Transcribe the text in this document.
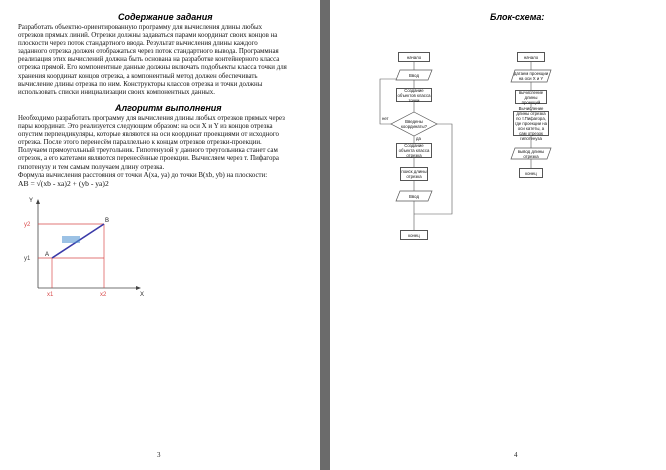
Содержание задания
Разработать объектно-ориентированную программу для вычисления длины любых
отрезков прямых линий. Отрезки должны задаваться парами координат своих концов на
плоскости через поток стандартного ввода. Результат вычисления длины каждого
заданного отрезка должен отображаться через поток стандартного вывода. Программная
реализация этих вычислений должна быть основана на разработке контейнерного класса
отрезка прямой. Его компонентные данные должны включать подобъекты класса точки для
хранения координат концов отрезка, а компонентный метод должен обеспечивать
вычисление длины отрезка по ним. Конструкторы классов отрезка и точки должны
использовать списки инициализации своих компонентных данных.
Алгоритм выполнения
Необходимо разработать программу для вычисления длины любых отрезков прямых через
пары координат. Это реализуется следующим образом: на оси X и Y из концов отрезка
опустим перпендикуляры, которые являются на оси координат проекциями от исходного
отрезка. После этого перенесём параллельно к концам отрезков отрезки-проекции.
Получаем прямоугольный треугольник. Гипотенузой у данного треугольника станет сам
отрезок, а его катетами являются перенесённые проекции. Вычисляем через т. Пифагора
гипотенузу и тем самым получаем длину отрезка.
Формула вычисления расстояния от точки A(xa, ya) до точки B(xb, yb) на плоскости:
AB = √(xb - xa)2 + (yb - ya)2
Y
X
y2
y1
x1	x2
A
B
3
Блок-схема:
начало
Ввод
Создание объектов класса точки
Введены координаты?
нет
да
Создание объекта класса отрезка
поиск длины отрезка
Ввод
конец
начало
датаем проекции на оси X и Y
вычисление длины проекций
Вычисление длины отрезка по т.Пифагора, где проекции на оси катеты, а сам отрезок гипотенуза
вывод длины отрезка
конец
4
